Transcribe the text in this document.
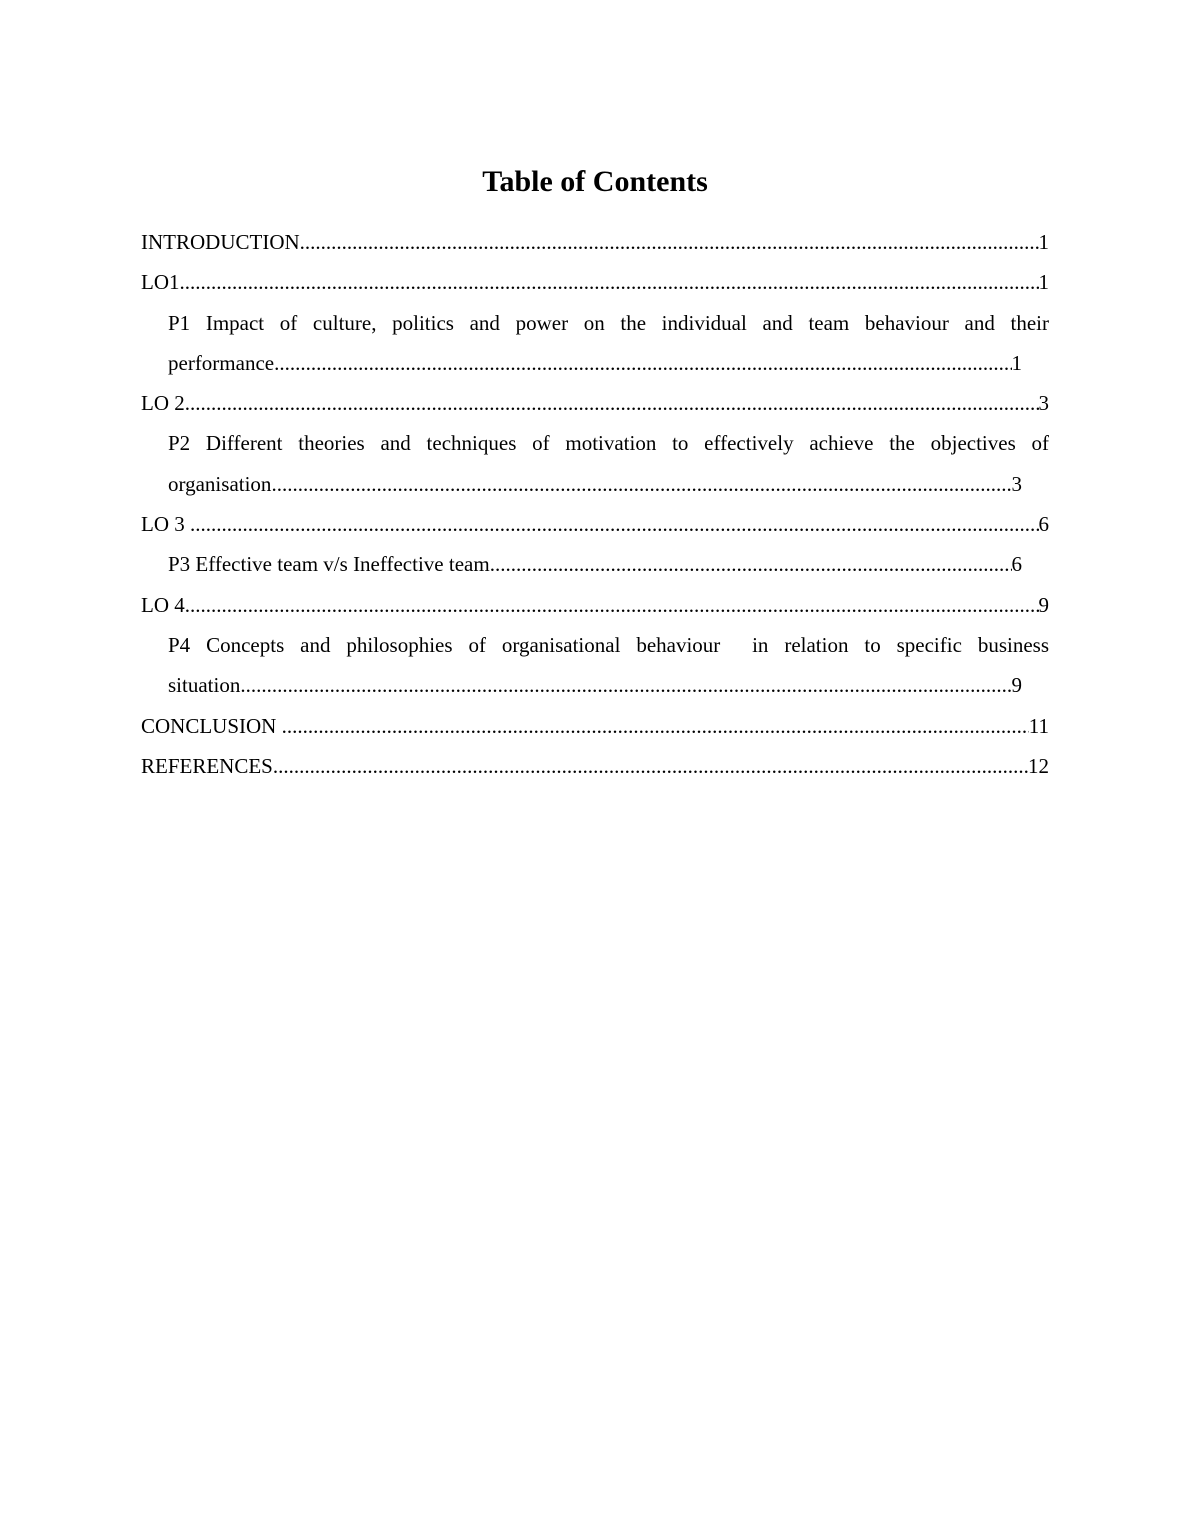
Table of Contents
INTRODUCTION .....	1
LO1 .....	1
P1 Impact of culture, politics and power on the individual and team behaviour and their
performance .....	1
LO 2 .....	3
P2 Different theories and techniques of motivation to effectively achieve the objectives of
organisation .....	3
LO 3 .....	6
P3 Effective team v/s Ineffective team .....	6
LO 4 .....	9
P4 Concepts and philosophies of organisational behaviour  in relation to specific business
situation .....	9
CONCLUSION .....	11
REFERENCES .....	12
